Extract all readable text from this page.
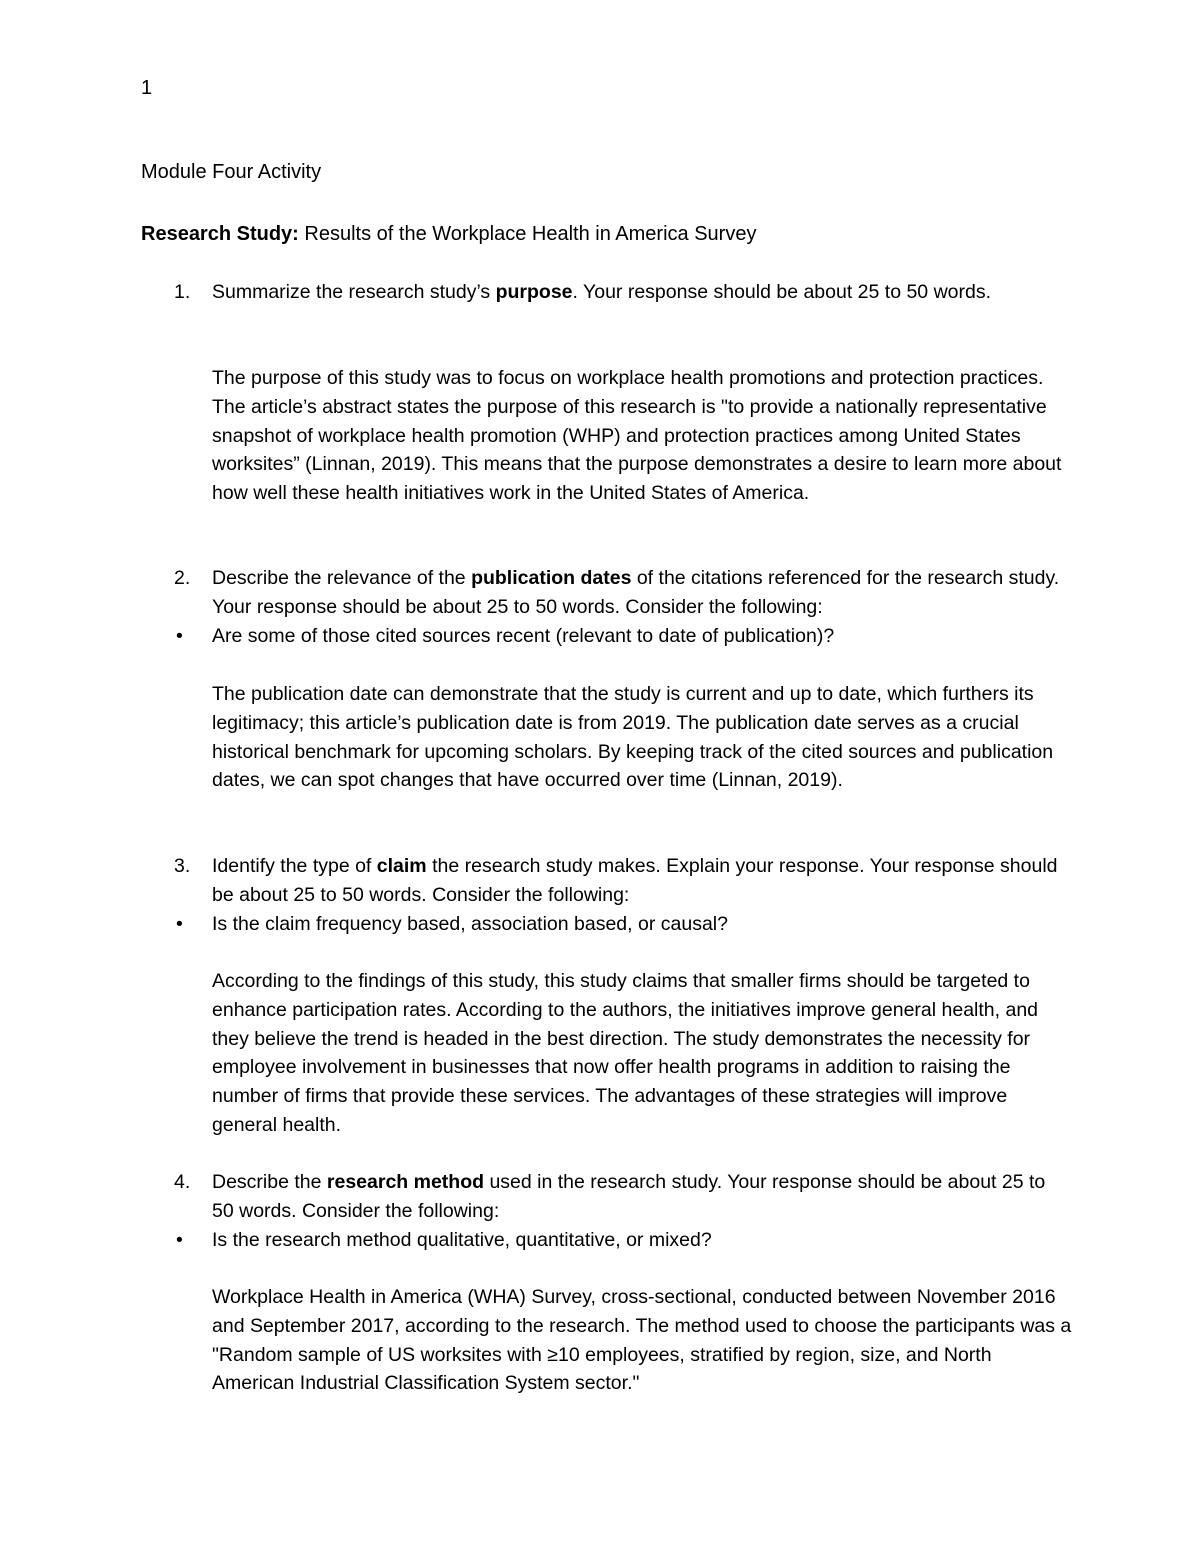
1
Module Four Activity
Research Study: Results of the Workplace Health in America Survey
1. Summarize the research study’s purpose. Your response should be about 25 to 50 words.
The purpose of this study was to focus on workplace health promotions and protection practices. The article’s abstract states the purpose of this research is "to provide a nationally representative snapshot of workplace health promotion (WHP) and protection practices among United States worksites” (Linnan, 2019). This means that the purpose demonstrates a desire to learn more about how well these health initiatives work in the United States of America.
2. Describe the relevance of the publication dates of the citations referenced for the research study. Your response should be about 25 to 50 words. Consider the following:
• Are some of those cited sources recent (relevant to date of publication)?
The publication date can demonstrate that the study is current and up to date, which furthers its legitimacy; this article’s publication date is from 2019. The publication date serves as a crucial historical benchmark for upcoming scholars. By keeping track of the cited sources and publication dates, we can spot changes that have occurred over time (Linnan, 2019).
3. Identify the type of claim the research study makes. Explain your response. Your response should be about 25 to 50 words. Consider the following:
• Is the claim frequency based, association based, or causal?
According to the findings of this study, this study claims that smaller firms should be targeted to enhance participation rates. According to the authors, the initiatives improve general health, and they believe the trend is headed in the best direction. The study demonstrates the necessity for employee involvement in businesses that now offer health programs in addition to raising the number of firms that provide these services. The advantages of these strategies will improve general health.
4. Describe the research method used in the research study. Your response should be about 25 to 50 words. Consider the following:
• Is the research method qualitative, quantitative, or mixed?
Workplace Health in America (WHA) Survey, cross-sectional, conducted between November 2016 and September 2017, according to the research. The method used to choose the participants was a "Random sample of US worksites with ≥10 employees, stratified by region, size, and North American Industrial Classification System sector."
